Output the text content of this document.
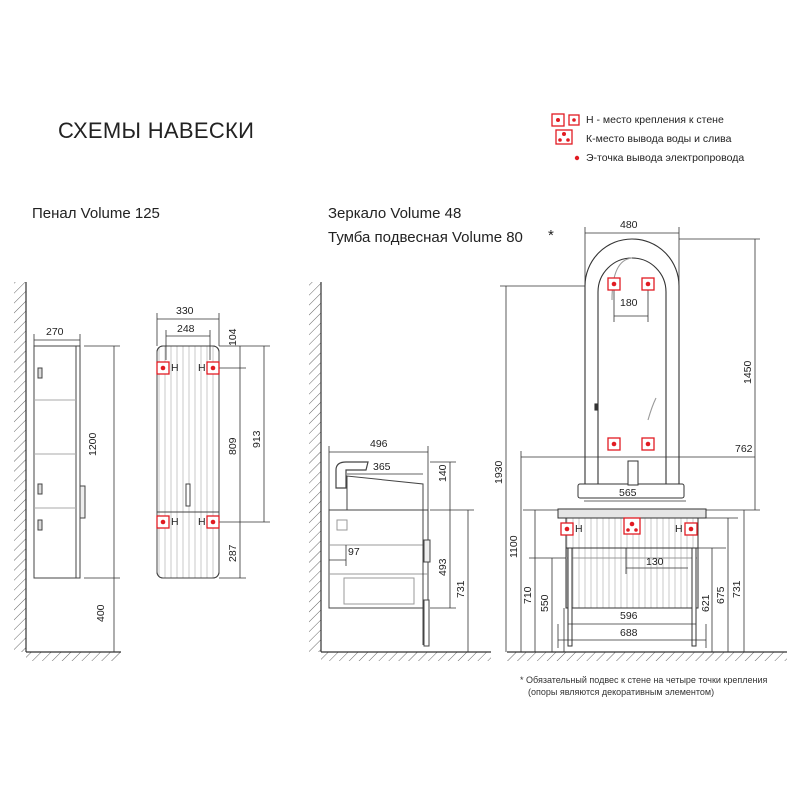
СХЕМЫ НАВЕСКИ	Н - место крепления к стене
К-место вывода воды и слива
Э-точка вывода электропровода
Пенал Volume 125	Зеркало Volume 48
Тумба подвесная Volume 80 *
H H
H H
H	H
270
330
248
496
365
97
480
180
762
565
130
596
688
1200
400
104
809 913
287
140
493
731
1450
1930
1100
710 550	621 675 731
* Обязательный подвес к стене на четыре точки крепления
(опоры являются декоративным элементом)
